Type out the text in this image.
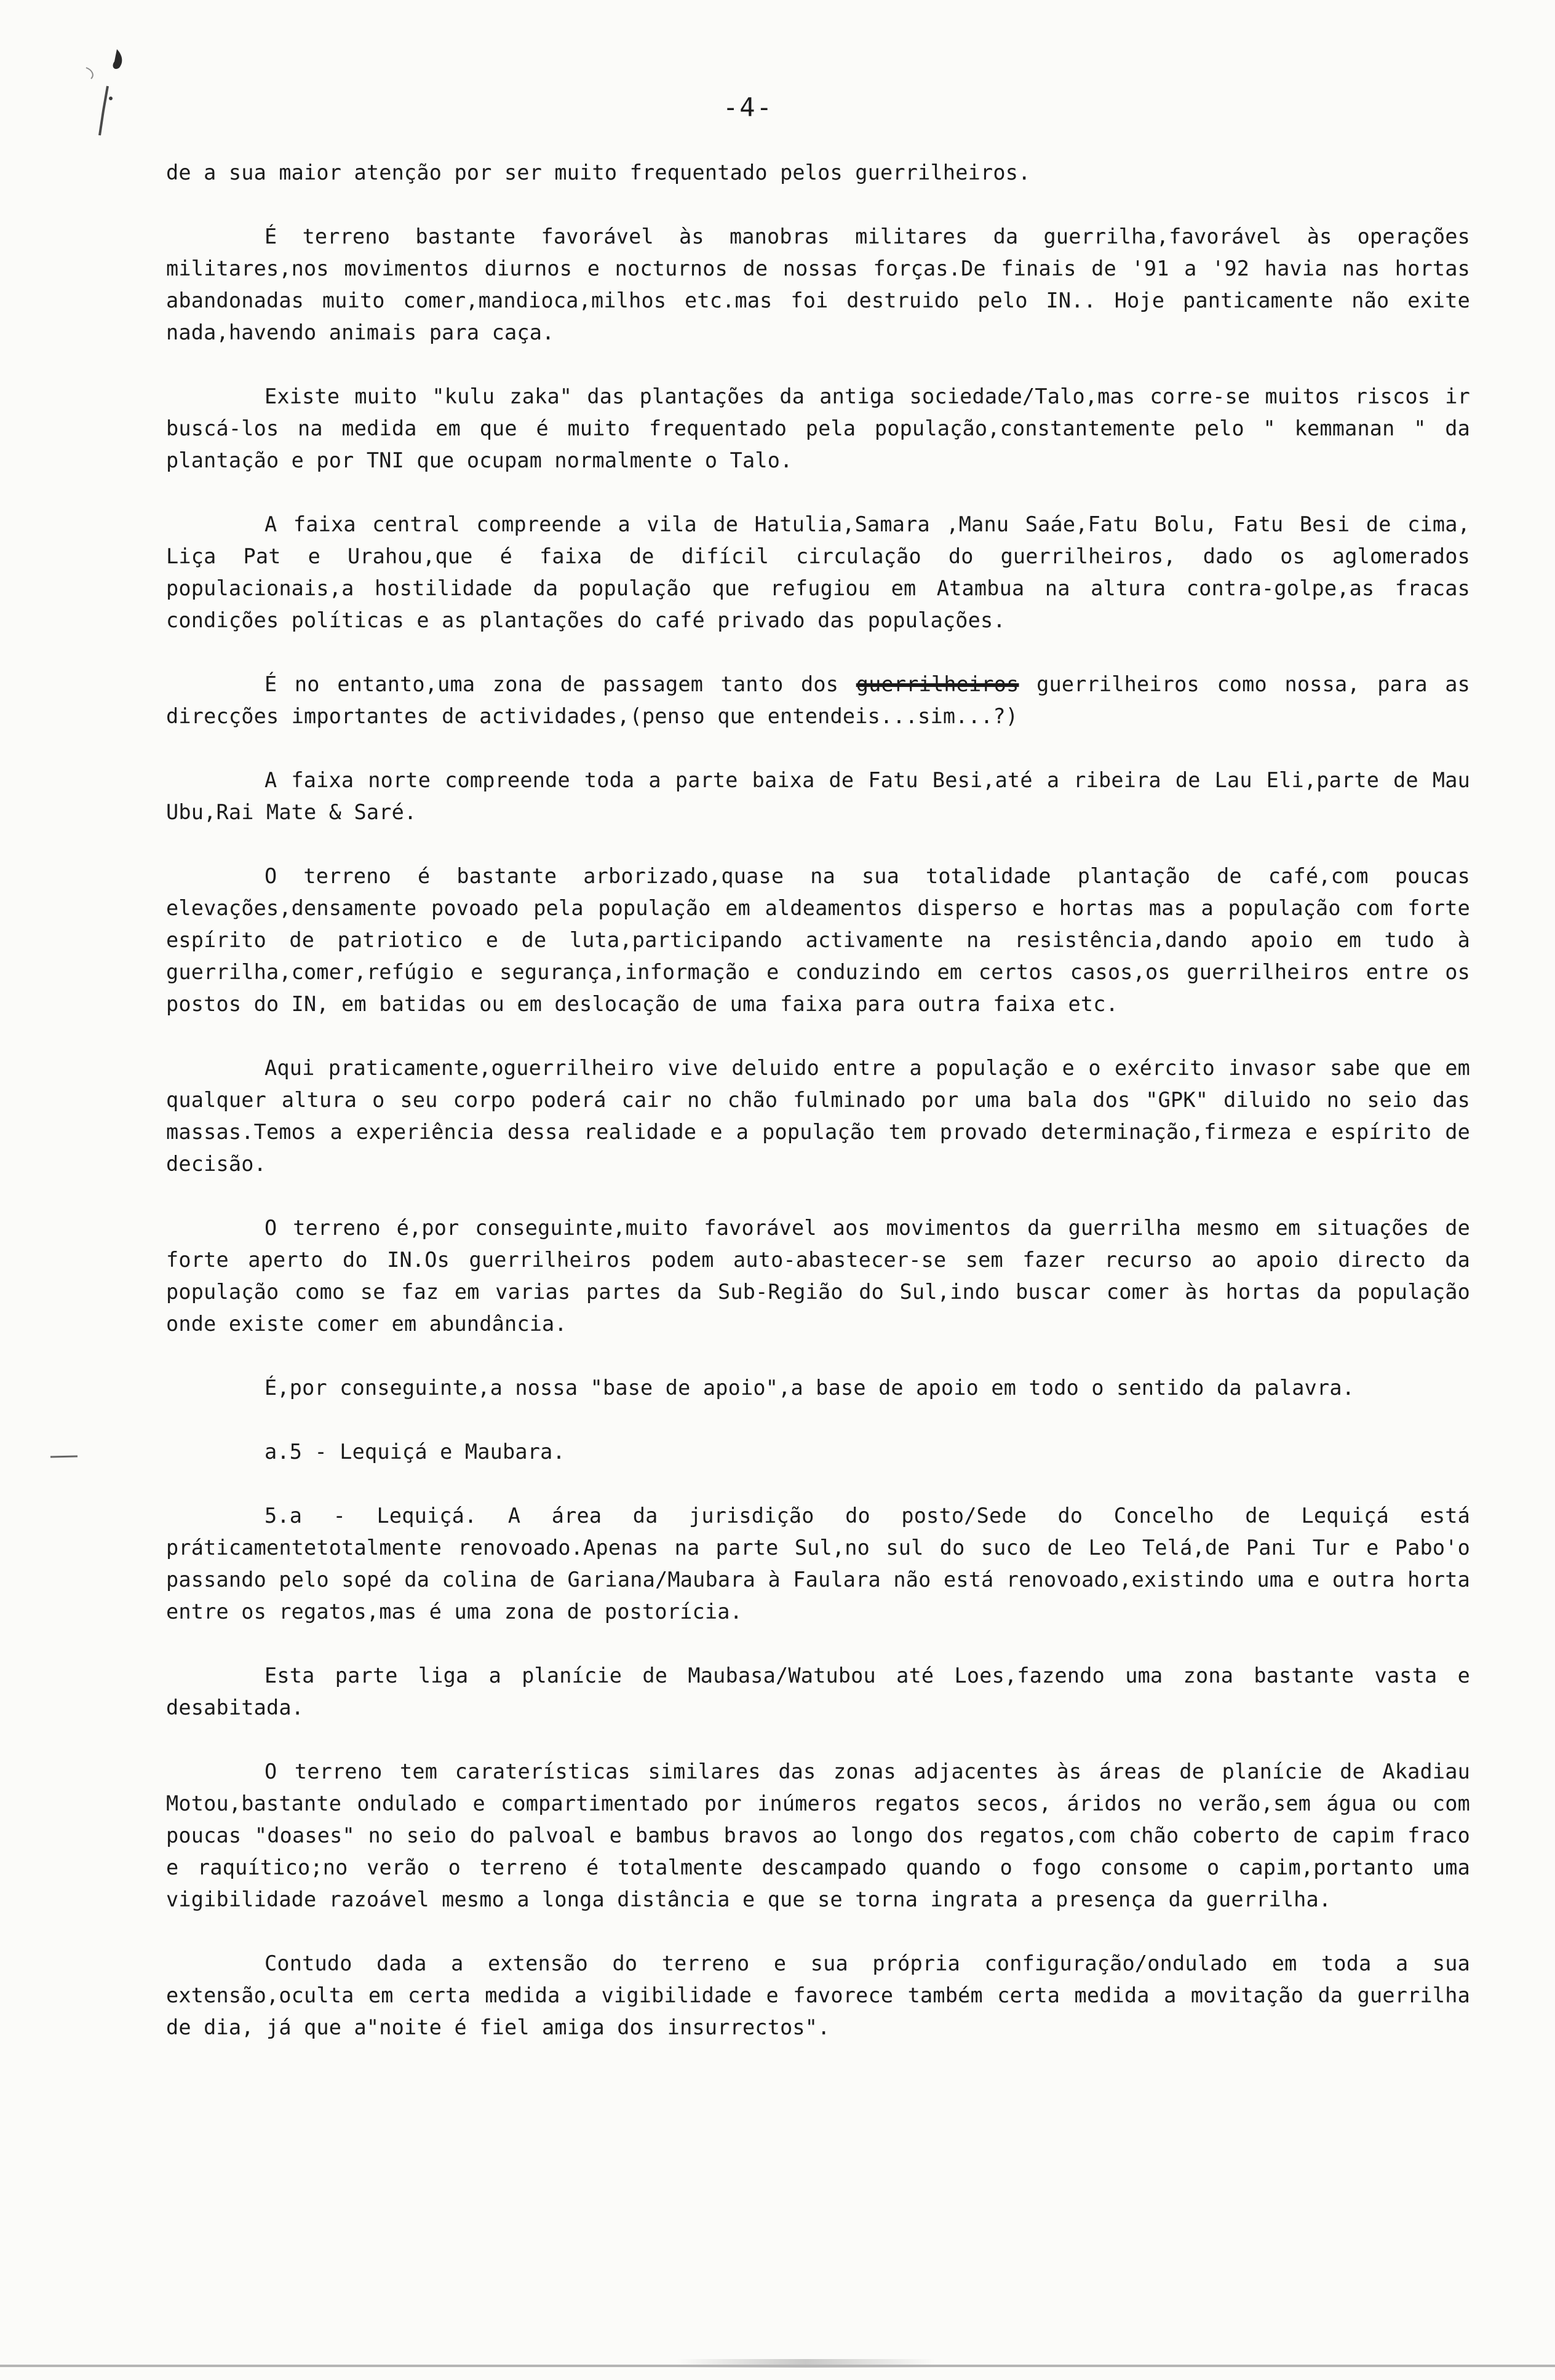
-4-

de a sua maior atenção por ser muito frequentado pelos guerrilheiros.

É terreno bastante favorável às manobras militares da guerrilha,favorável às operações militares,nos movimentos diurnos e nocturnos de nossas forças.De finais de '91 a '92 havia nas hortas abandonadas muito comer,mandioca,milhos etc.mas foi destruido pelo IN.. Hoje panticamente não exite nada,havendo animais para caça.

Existe muito "kulu zaka" das plantações da antiga sociedade/Talo,mas corre-se muitos riscos ir buscá-los na medida em que é muito frequentado pela população,constantemente pelo " kemmanan " da plantação e por TNI que ocupam normalmente o Talo.

A faixa central compreende a vila de Hatulia,Samara ,Manu Saáe,Fatu Bolu, Fatu Besi de cima, Liça Pat e Urahou,que é faixa de difícil circulação do guerrilheiros, dado os aglomerados populacionais,a hostilidade da população que refugiou em Atambua na altura contra-golpe,as fracas condições políticas e as plantações do café privado das populações.

É no entanto,uma zona de passagem tanto dos guerrilheiros guerrilheiros como nossa, para as direcções importantes de actividades,(penso que entendeis...sim...?)

A faixa norte compreende toda a parte baixa de Fatu Besi,até a ribeira de Lau Eli,parte de Mau Ubu,Rai Mate & Saré.

O terreno é bastante arborizado,quase na sua totalidade plantação de café,com poucas elevações,densamente povoado pela população em aldeamentos disperso e hortas mas a população com forte espírito de patriotico e de luta,participando activamente na resistência,dando apoio em tudo à guerrilha,comer,refúgio e segurança,informação e conduzindo em certos casos,os guerrilheiros entre os postos do IN, em batidas ou em deslocação de uma faixa para outra faixa etc.

Aqui praticamente,oguerrilheiro vive deluido entre a população e o exército invasor sabe que em qualquer altura o seu corpo poderá cair no chão fulminado por uma bala dos "GPK" diluido no seio das massas.Temos a experiência dessa realidade e a população tem provado determinação,firmeza e espírito de decisão.

O terreno é,por conseguinte,muito favorável aos movimentos da guerrilha mesmo em situações de forte aperto do IN.Os guerrilheiros podem auto-abastecer-se sem fazer recurso ao apoio directo da população como se faz em varias partes da Sub-Região do Sul,indo buscar comer às hortas da população onde existe comer em abundância.

É,por conseguinte,a nossa "base de apoio",a base de apoio em todo o sentido da palavra.

a.5 - Lequiçá e Maubara.

5.a - Lequiçá. A área da jurisdição do posto/Sede do Concelho de Lequiçá está práticamentetotalmente renovoado.Apenas na parte Sul,no sul do suco de Leo Telá,de Pani Tur e Pabo'o passando pelo sopé da colina de Gariana/Maubara à Faulara não está renovoado,existindo uma e outra horta entre os regatos,mas é uma zona de postorícia.

Esta parte liga a planície de Maubasa/Watubou até Loes,fazendo uma zona bastante vasta e desabitada.

O terreno tem caraterísticas similares das zonas adjacentes às áreas de planície de Akadiau Motou,bastante ondulado e compartimentado por inúmeros regatos secos, áridos no verão,sem água ou com poucas "doases" no seio do palvoal e bambus bravos ao longo dos regatos,com chão coberto de capim fraco e raquítico;no verão o terreno é totalmente descampado quando o fogo consome o capim,portanto uma vigibilidade razoável mesmo a longa distância e que se torna ingrata a presença da guerrilha.

Contudo dada a extensão do terreno e sua própria configuração/ondulado em toda a sua extensão,oculta em certa medida a vigibilidade e favorece também certa medida a movitação da guerrilha de dia, já que a"noite é fiel amiga dos insurrectos".
